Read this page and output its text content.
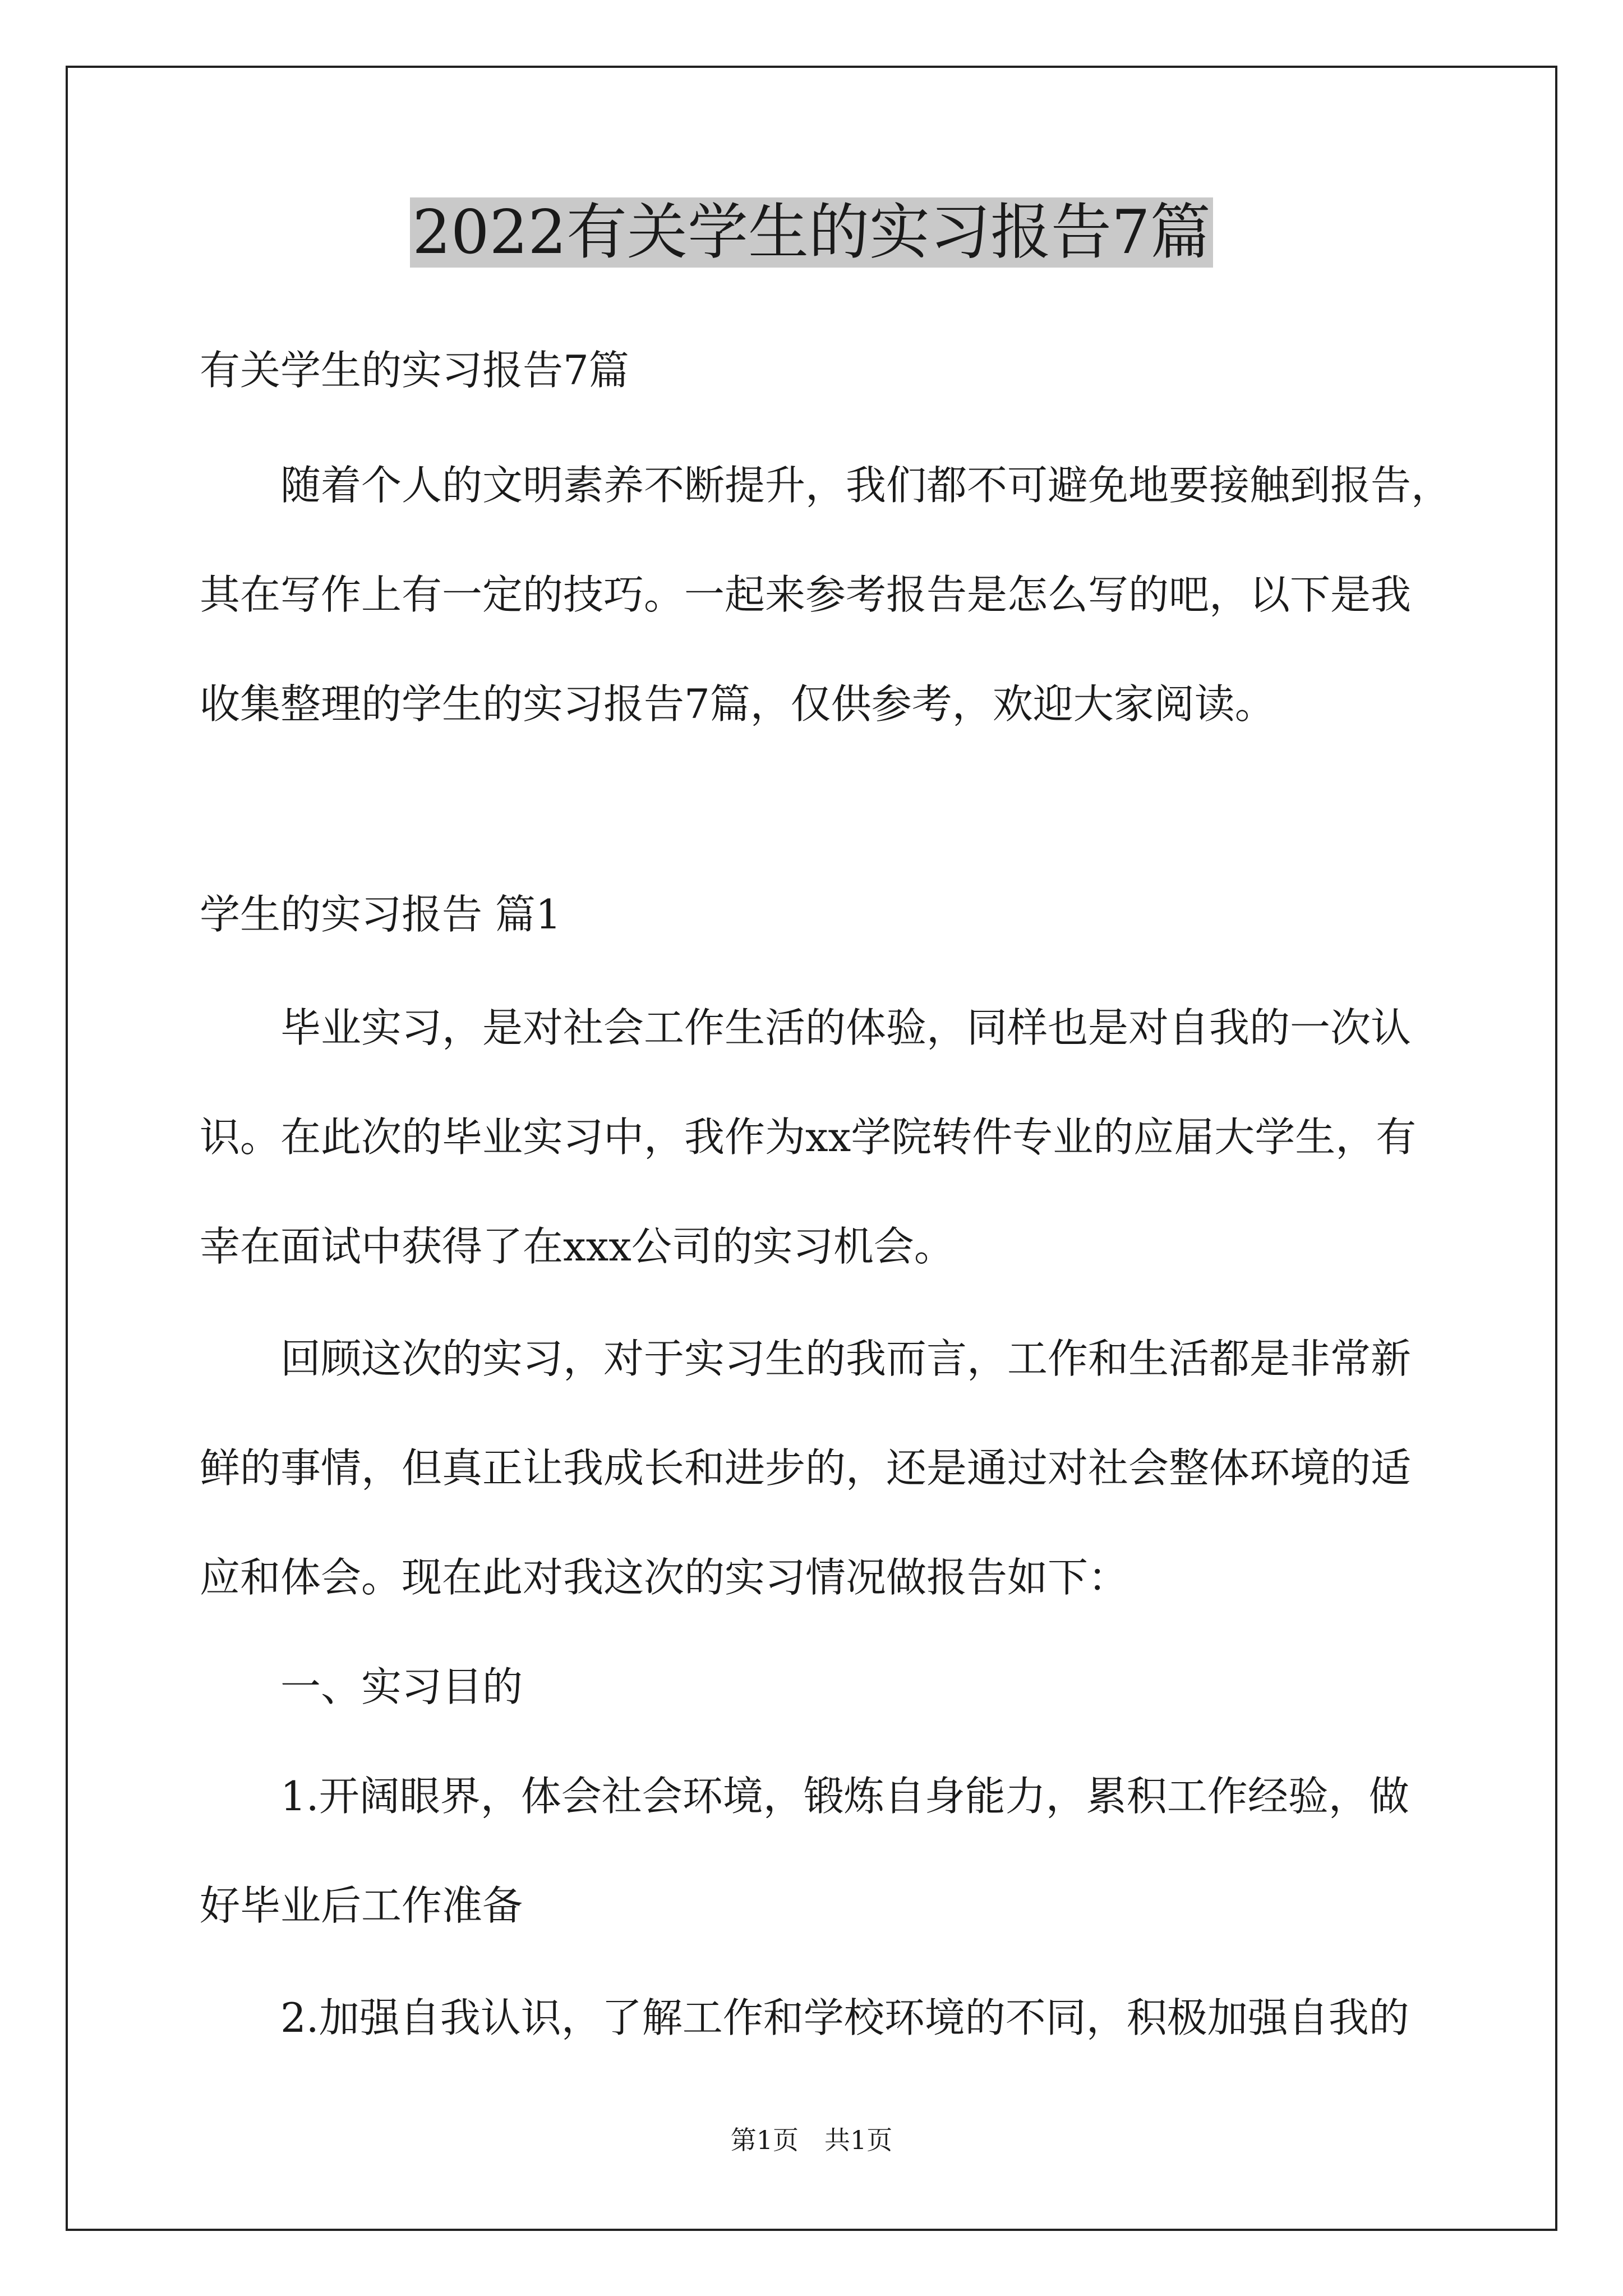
2022有关学生的实习报告7篇
有关学生的实习报告7篇
随着个人的文明素养不断提升，我们都不可避免地要接触到报告，
其在写作上有一定的技巧。一起来参考报告是怎么写的吧，以下是我
收集整理的学生的实习报告7篇，仅供参考，欢迎大家阅读。
学生的实习报告 篇1
毕业实习，是对社会工作生活的体验，同样也是对自我的一次认
识。在此次的毕业实习中，我作为xx学院转件专业的应届大学生，有
幸在面试中获得了在xxx公司的实习机会。
回顾这次的实习，对于实习生的我而言，工作和生活都是非常新
鲜的事情，但真正让我成长和进步的，还是通过对社会整体环境的适
应和体会。现在此对我这次的实习情况做报告如下：
一、实习目的
1.开阔眼界，体会社会环境，锻炼自身能力，累积工作经验，做
好毕业后工作准备
2.加强自我认识，了解工作和学校环境的不同，积极加强自我的
第1页　共1页
